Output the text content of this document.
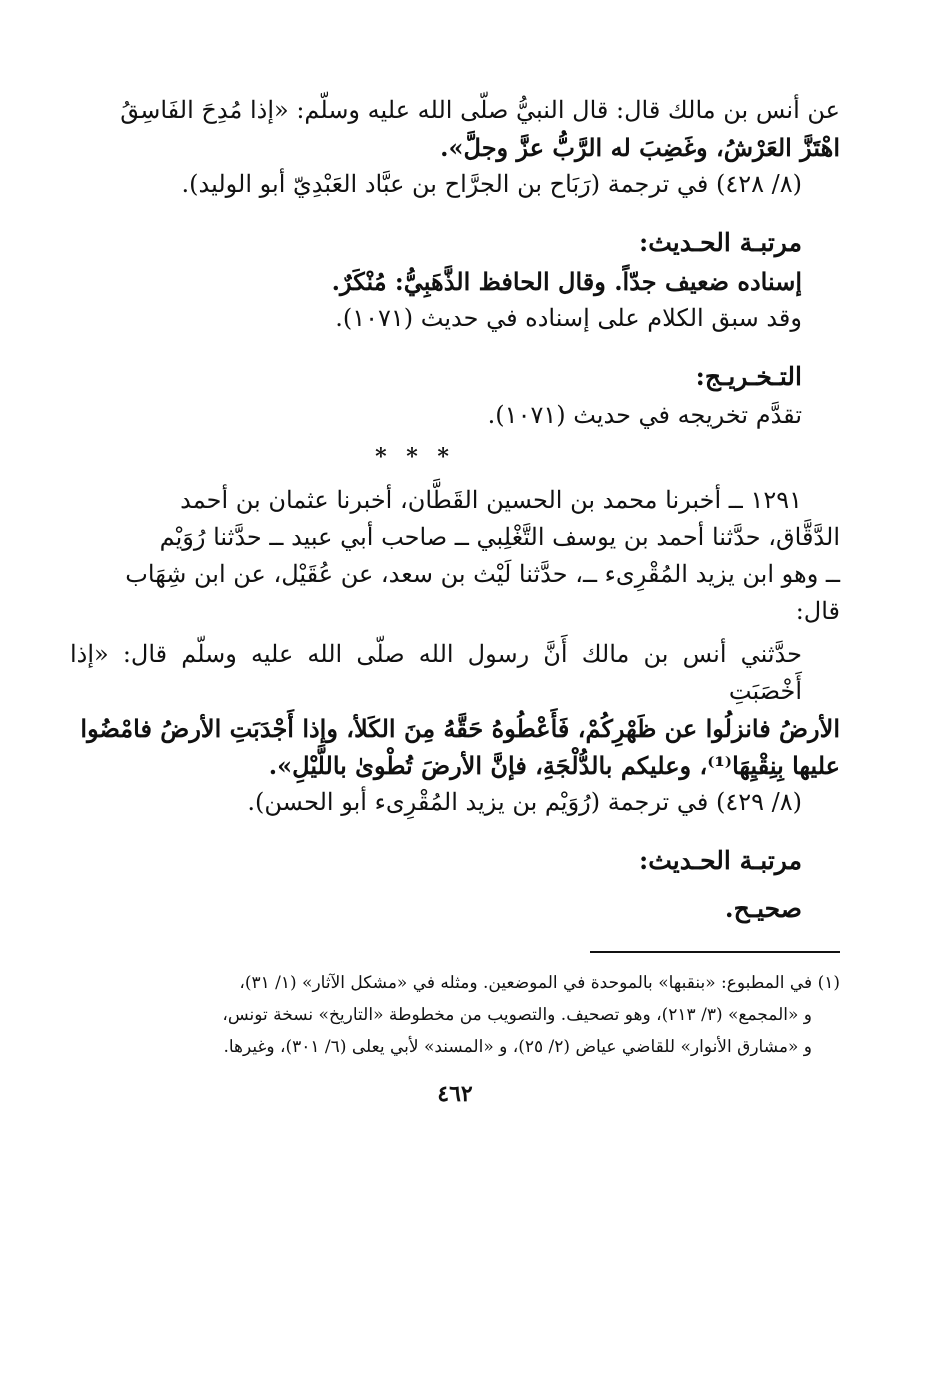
عن أنس بن مالك قال: قال النبيُّ صلّى الله عليه وسلّم: «إذا مُدِحَ الفَاسِقُ
اهْتَزَّ العَرْشُ، وغَضِبَ له الرَّبُّ عزَّ وجلَّ».
(٨/ ٤٢٨) في ترجمة (رَبَاح بن الجرَّاح بن عبَّاد العَبْدِيّ أبو الوليد).
مرتبـة الحـديث:
إسناده ضعيف جدّاً. وقال الحافظ الذَّهَبِيُّ: مُنْكَرٌ.
وقد سبق الكلام على إسناده في حديث (١٠٧١).
التـخـريـج:
تقدَّم تخريجه في حديث (١٠٧١).
* * *
١٢٩١ ــ أخبرنا محمد بن الحسين القَطَّان، أخبرنا عثمان بن أحمد
الدَّقَّاق، حدَّثنا أحمد بن يوسف التَّغْلِبي ــ صاحب أبي عبيد ــ حدَّثنا رُوَيْم
ــ وهو ابن يزيد المُقْرِىء ــ، حدَّثنا لَيْث بن سعد، عن عُقَيْل، عن ابن شِهَاب
قال:
حدَّثني أنس بن مالك أَنَّ رسول الله صلّى الله عليه وسلّم قال: «إذا أَخْصَبَتِ
الأرضُ فانزلُوا عن ظَهْرِكُمْ، فَأَعْطُوهُ حَقَّهُ مِنَ الكَلأ، وإذا أَجْدَبَتِ الأرضُ فامْضُوا
عليها بِنِقْيِهَا⁽¹⁾، وعليكم بالدُّلْجَةِ، فإنَّ الأرضَ تُطْوىٰ باللَّيْلِ».
(٨/ ٤٢٩) في ترجمة (رُوَيْم بن يزيد المُقْرِىء أبو الحسن).
مرتبـة الحـديث:
صحيـح.
(١) في المطبوع: «بنقبها» بالموحدة في الموضعين. ومثله في «مشكل الآثار» (١/ ٣١)،
و «المجمع» (٣/ ٢١٣)، وهو تصحيف. والتصويب من مخطوطة «التاريخ» نسخة تونس،
و «مشارق الأنوار» للقاضي عياض (٢/ ٢٥)، و «المسند» لأبي يعلى (٦/ ٣٠١)، وغيرها.
٤٦٢
